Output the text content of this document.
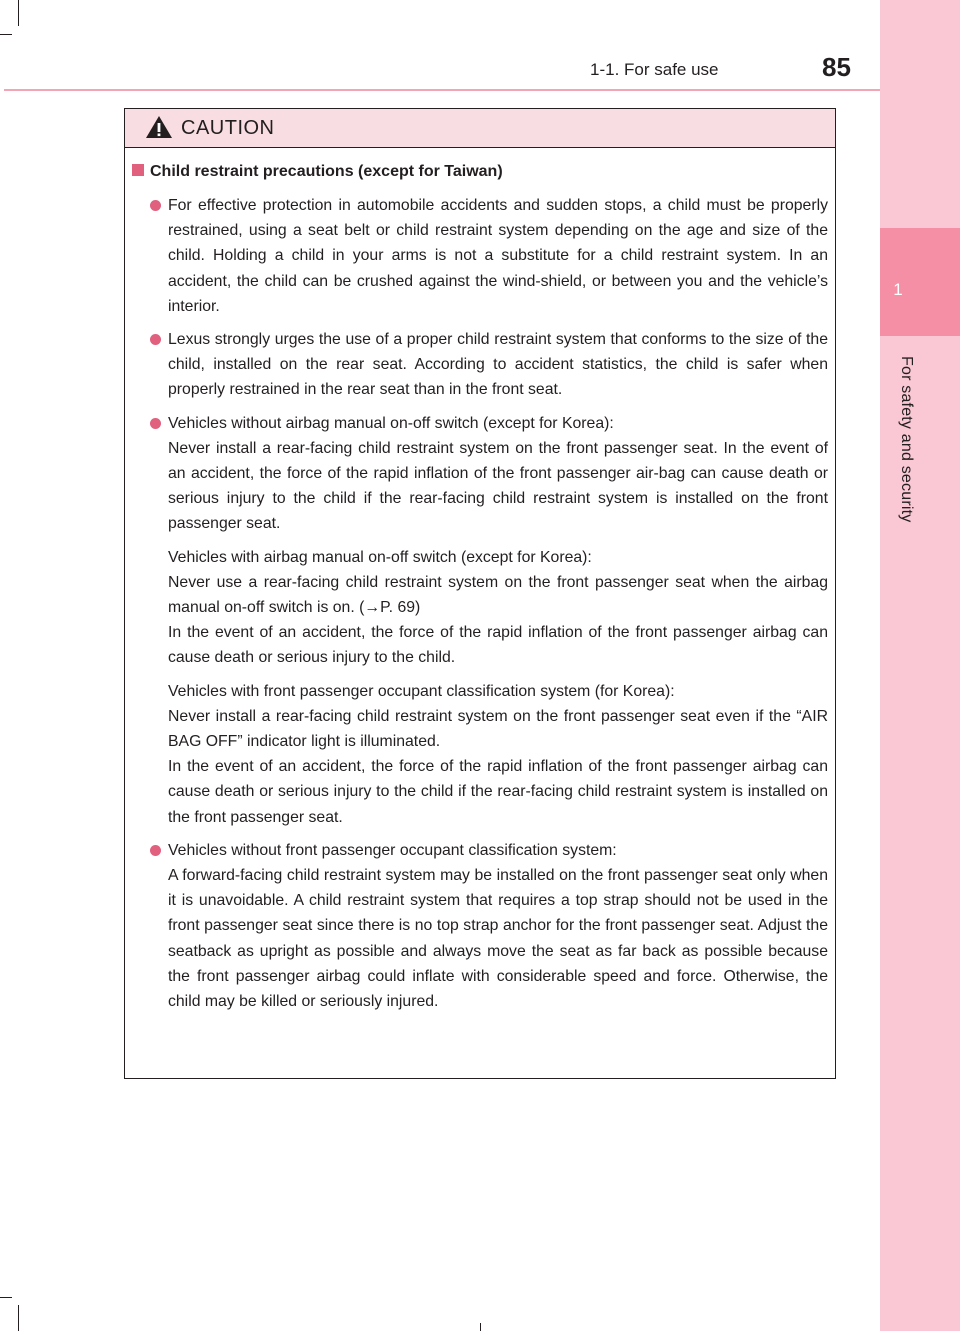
1
For safety and security
1-1. For safe use	85
CAUTION
Child restraint precautions (except for Taiwan)
For effective protection in automobile accidents and sudden stops, a child must be properly restrained, using a seat belt or child restraint system depending on the age and size of the child. Holding a child in your arms is not a substitute for a child restraint system. In an accident, the child can be crushed against the wind-shield, or between you and the vehicle’s interior.
Lexus strongly urges the use of a proper child restraint system that conforms to the size of the child, installed on the rear seat. According to accident statistics, the child is safer when properly restrained in the rear seat than in the front seat.
Vehicles without airbag manual on-off switch (except for Korea):
Never install a rear-facing child restraint system on the front passenger seat. In the event of an accident, the force of the rapid inflation of the front passenger air-bag can cause death or serious injury to the child if the rear-facing child restraint system is installed on the front passenger seat.
Vehicles with airbag manual on-off switch (except for Korea):
Never use a rear-facing child restraint system on the front passenger seat when the airbag manual on-off switch is on. (→P. 69)
In the event of an accident, the force of the rapid inflation of the front passenger airbag can cause death or serious injury to the child.
Vehicles with front passenger occupant classification system (for Korea):
Never install a rear-facing child restraint system on the front passenger seat even if the “AIR BAG OFF” indicator light is illuminated.
In the event of an accident, the force of the rapid inflation of the front passenger airbag can cause death or serious injury to the child if the rear-facing child restraint system is installed on the front passenger seat.
Vehicles without front passenger occupant classification system:
A forward-facing child restraint system may be installed on the front passenger seat only when it is unavoidable. A child restraint system that requires a top strap should not be used in the front passenger seat since there is no top strap anchor for the front passenger seat. Adjust the seatback as upright as possible and always move the seat as far back as possible because the front passenger airbag could inflate with considerable speed and force. Otherwise, the child may be killed or seriously injured.
